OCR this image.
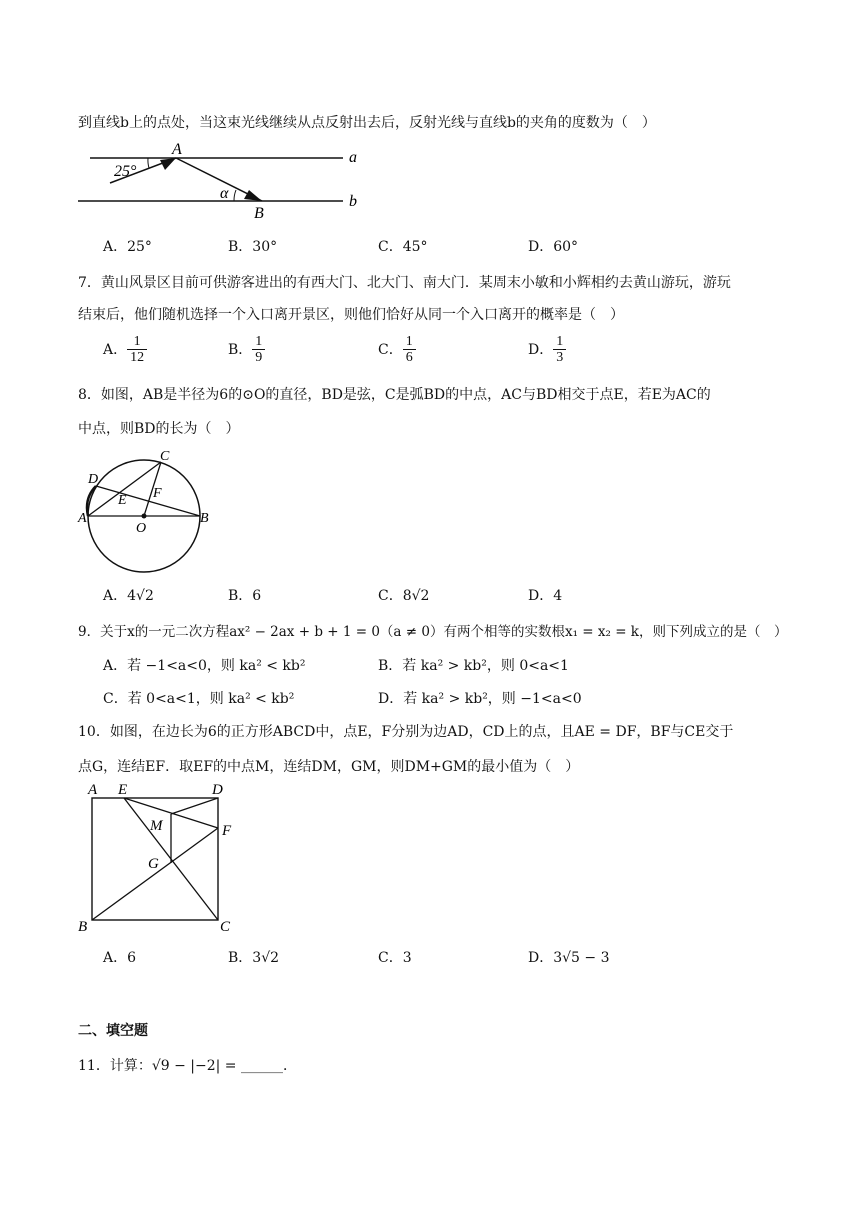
到直线b上的点处，当这束光线继续从点反射出去后，反射光线与直线b的夹角的度数为（　）
25°
A
B
α
a
b
A．25°	B．30°	C．45°	D．60°
7．黄山风景区目前可供游客进出的有西大门、北大门、南大门．某周末小敏和小辉相约去黄山游玩，游玩
结束后，他们随机选择一个入口离开景区，则他们恰好从同一个入口离开的概率是（　）
A． $\frac{1}{12}$	B． $\frac{1}{9}$	C． $\frac{1}{6}$	D． $\frac{1}{3}$
8．如图，AB是半径为6的⊙O的直径，BD是弦，C是弧BD的中点，AC与BD相交于点E，若E为AC的
中点，则BD的长为（　）
C
D
E F
A
O
B
A．4√2	B．6	C．8√2	D．4
9．关于x的一元二次方程ax² − 2ax + b + 1 = 0（a ≠ 0）有两个相等的实数根x₁ = x₂ = k，则下列成立的是（　）
A．若 −1<a<0，则 ka² < kb²	B．若 ka² > kb²，则 0<a<1
C．若 0<a<1，则 ka² < kb²	D．若 ka² > kb²，则 −1<a<0
10．如图，在边长为6的正方形ABCD中，点E，F分别为边AD，CD上的点，且AE = DF，BF与CE交于
点G，连结EF．取EF的中点M，连结DM，GM，则DM+GM的最小值为（　）
A E	D
M	F
G
B	C
A．6	B．3√2	C．3	D．3√5 − 3
二、填空题
11．计算：√9 − |−2| = ______．
